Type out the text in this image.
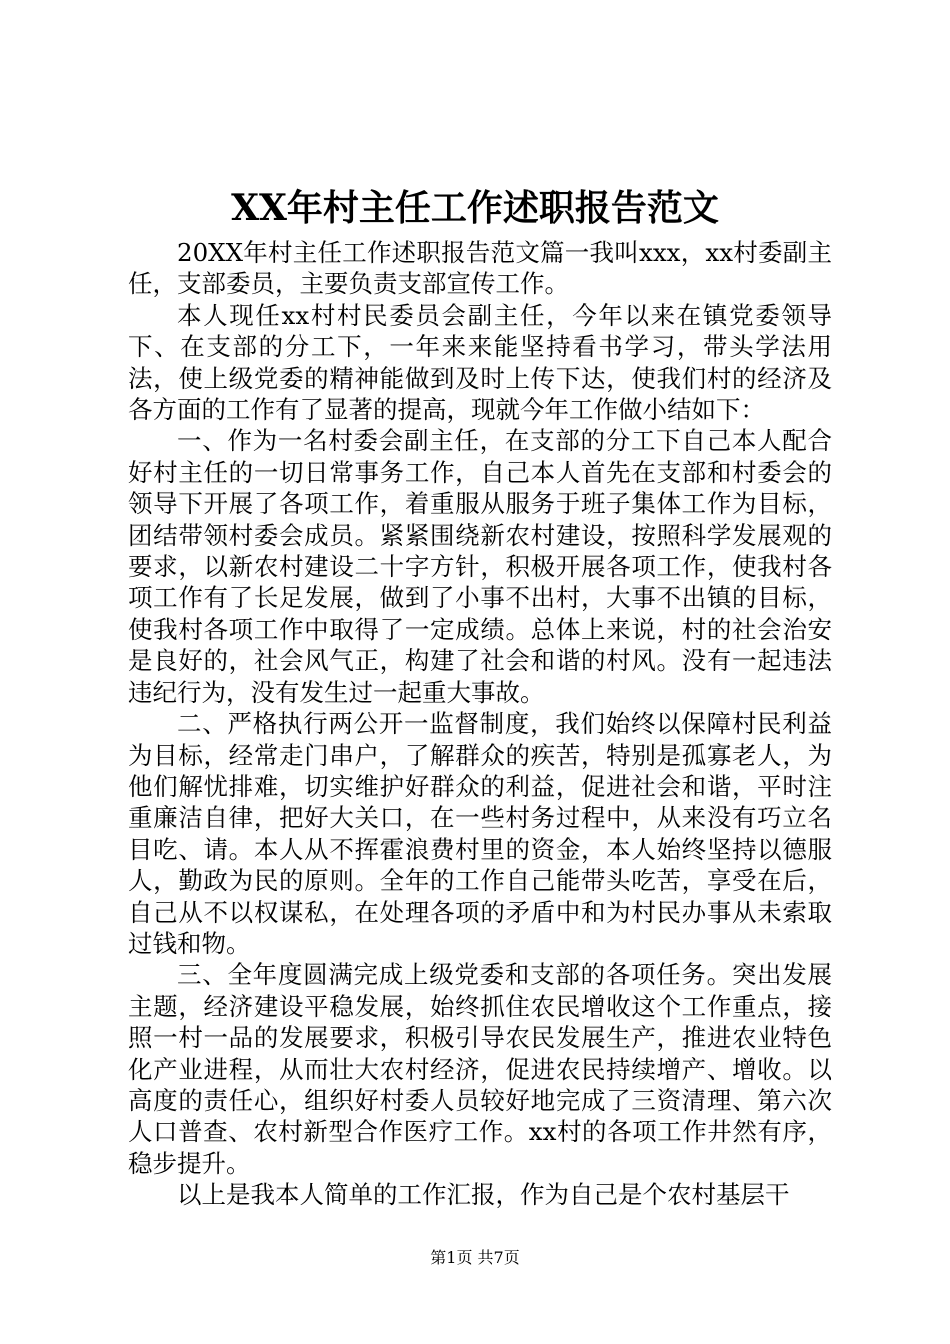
XX年村主任工作述职报告范文

20XX年村主任工作述职报告范文篇一我叫xxx，xx村委副主任，支部委员，主要负责支部宣传工作。

本人现任xx村村民委员会副主任，今年以来在镇党委领导下、在支部的分工下，一年来来能坚持看书学习，带头学法用法，使上级党委的精神能做到及时上传下达，使我们村的经济及各方面的工作有了显著的提高，现就今年工作做小结如下：

一、作为一名村委会副主任，在支部的分工下自己本人配合好村主任的一切日常事务工作，自己本人首先在支部和村委会的领导下开展了各项工作，着重服从服务于班子集体工作为目标，团结带领村委会成员。紧紧围绕新农村建设，按照科学发展观的要求，以新农村建设二十字方针，积极开展各项工作，使我村各项工作有了长足发展，做到了小事不出村，大事不出镇的目标，使我村各项工作中取得了一定成绩。总体上来说，村的社会治安是良好的，社会风气正，构建了社会和谐的村风。没有一起违法违纪行为，没有发生过一起重大事故。

二、严格执行两公开一监督制度，我们始终以保障村民利益为目标，经常走门串户，了解群众的疾苦，特别是孤寡老人，为他们解忧排难，切实维护好群众的利益，促进社会和谐，平时注重廉洁自律，把好大关口，在一些村务过程中，从来没有巧立名目吃、请。本人从不挥霍浪费村里的资金，本人始终坚持以德服人，勤政为民的原则。全年的工作自己能带头吃苦，享受在后，自己从不以权谋私，在处理各项的矛盾中和为村民办事从未索取过钱和物。

三、全年度圆满完成上级党委和支部的各项任务。突出发展主题，经济建设平稳发展，始终抓住农民增收这个工作重点，接照一村一品的发展要求，积极引导农民发展生产，推进农业特色化产业进程，从而壮大农村经济，促进农民持续增产、增收。以高度的责任心，组织好村委人员较好地完成了三资清理、第六次人口普查、农村新型合作医疗工作。xx村的各项工作井然有序，稳步提升。

以上是我本人简单的工作汇报，作为自己是个农村基层干

第1页 共7页
